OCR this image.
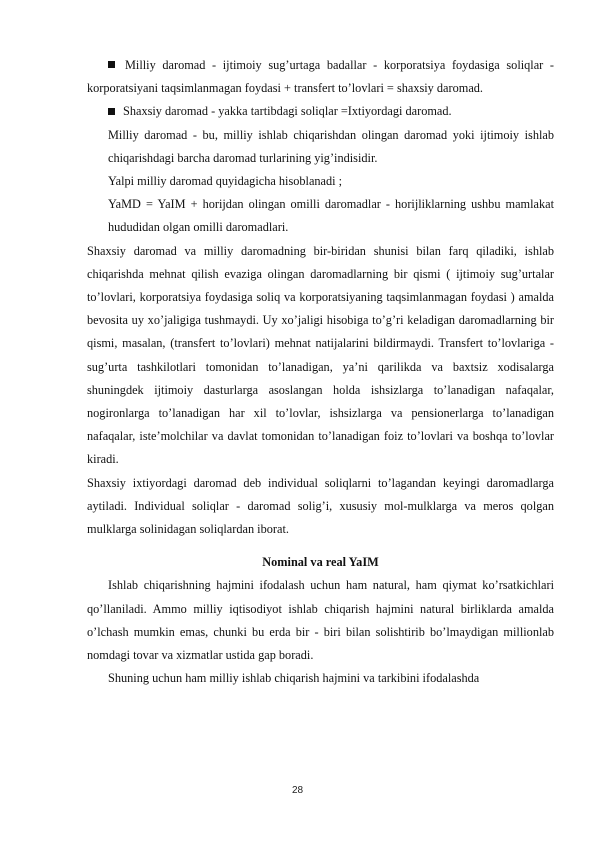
Milliy daromad - ijtimoiy sug’urtaga badallar - korporatsiya foydasiga soliqlar - korporatsiyani taqsimlanmagan foydasi + transfert to’lovlari = shaxsiy daromad.

Shaxsiy daromad - yakka tartibdagi soliqlar =Ixtiyordagi daromad.

Milliy daromad - bu, milliy ishlab chiqarishdan olingan daromad yoki ijtimoiy ishlab chiqarishdagi barcha daromad turlarining yig’indisidir.

Yalpi milliy daromad quyidagicha hisoblanadi ;

YaMD = YaIM + horijdan olingan omilli daromadlar - horijliklarning ushbu mamlakat hududidan olgan omilli daromadlari.

Shaxsiy daromad va milliy daromadning bir-biridan shunisi bilan farq qiladiki, ishlab chiqarishda mehnat qilish evaziga olingan daromadlarning bir qismi ( ijtimoiy sug’urtalar to’lovlari, korporatsiya foydasiga soliq va korporatsiyaning taqsimlanmagan foydasi ) amalda bevosita uy xo’jaligiga tushmaydi. Uy xo’jaligi hisobiga to’g’ri keladigan daromadlarning bir qismi, masalan, (transfert to’lovlari) mehnat natijalarini bildirmaydi. Transfert to’lovlariga - sug’urta tashkilotlari tomonidan to’lanadigan, ya’ni qarilikda va baxtsiz xodisalarga shuningdek ijtimoiy dasturlarga asoslangan holda ishsizlarga to’lanadigan nafaqalar, nogironlarga to’lanadigan har xil to’lovlar, ishsizlarga va pensionerlarga to’lanadigan nafaqalar, iste’molchilar va davlat tomonidan to’lanadigan foiz to’lovlari va boshqa to’lovlar kiradi.

Shaxsiy ixtiyordagi daromad deb individual soliqlarni to’lagandan keyingi daromadlarga aytiladi. Individual soliqlar - daromad solig’i, xususiy mol-mulklarga va meros qolgan mulklarga solinidagan soliqlardan iborat.

Nominal va real YaIM

Ishlab chiqarishning hajmini ifodalash uchun ham natural, ham qiymat ko’rsatkichlari qo’llaniladi. Ammo milliy iqtisodiyot ishlab chiqarish hajmini natural birliklarda amalda o’lchash mumkin emas, chunki bu erda bir - biri bilan solishtirib bo’lmaydigan millionlab nomdagi tovar va xizmatlar ustida gap boradi.

Shuning uchun ham milliy ishlab chiqarish hajmini va tarkibini ifodalashda

28
